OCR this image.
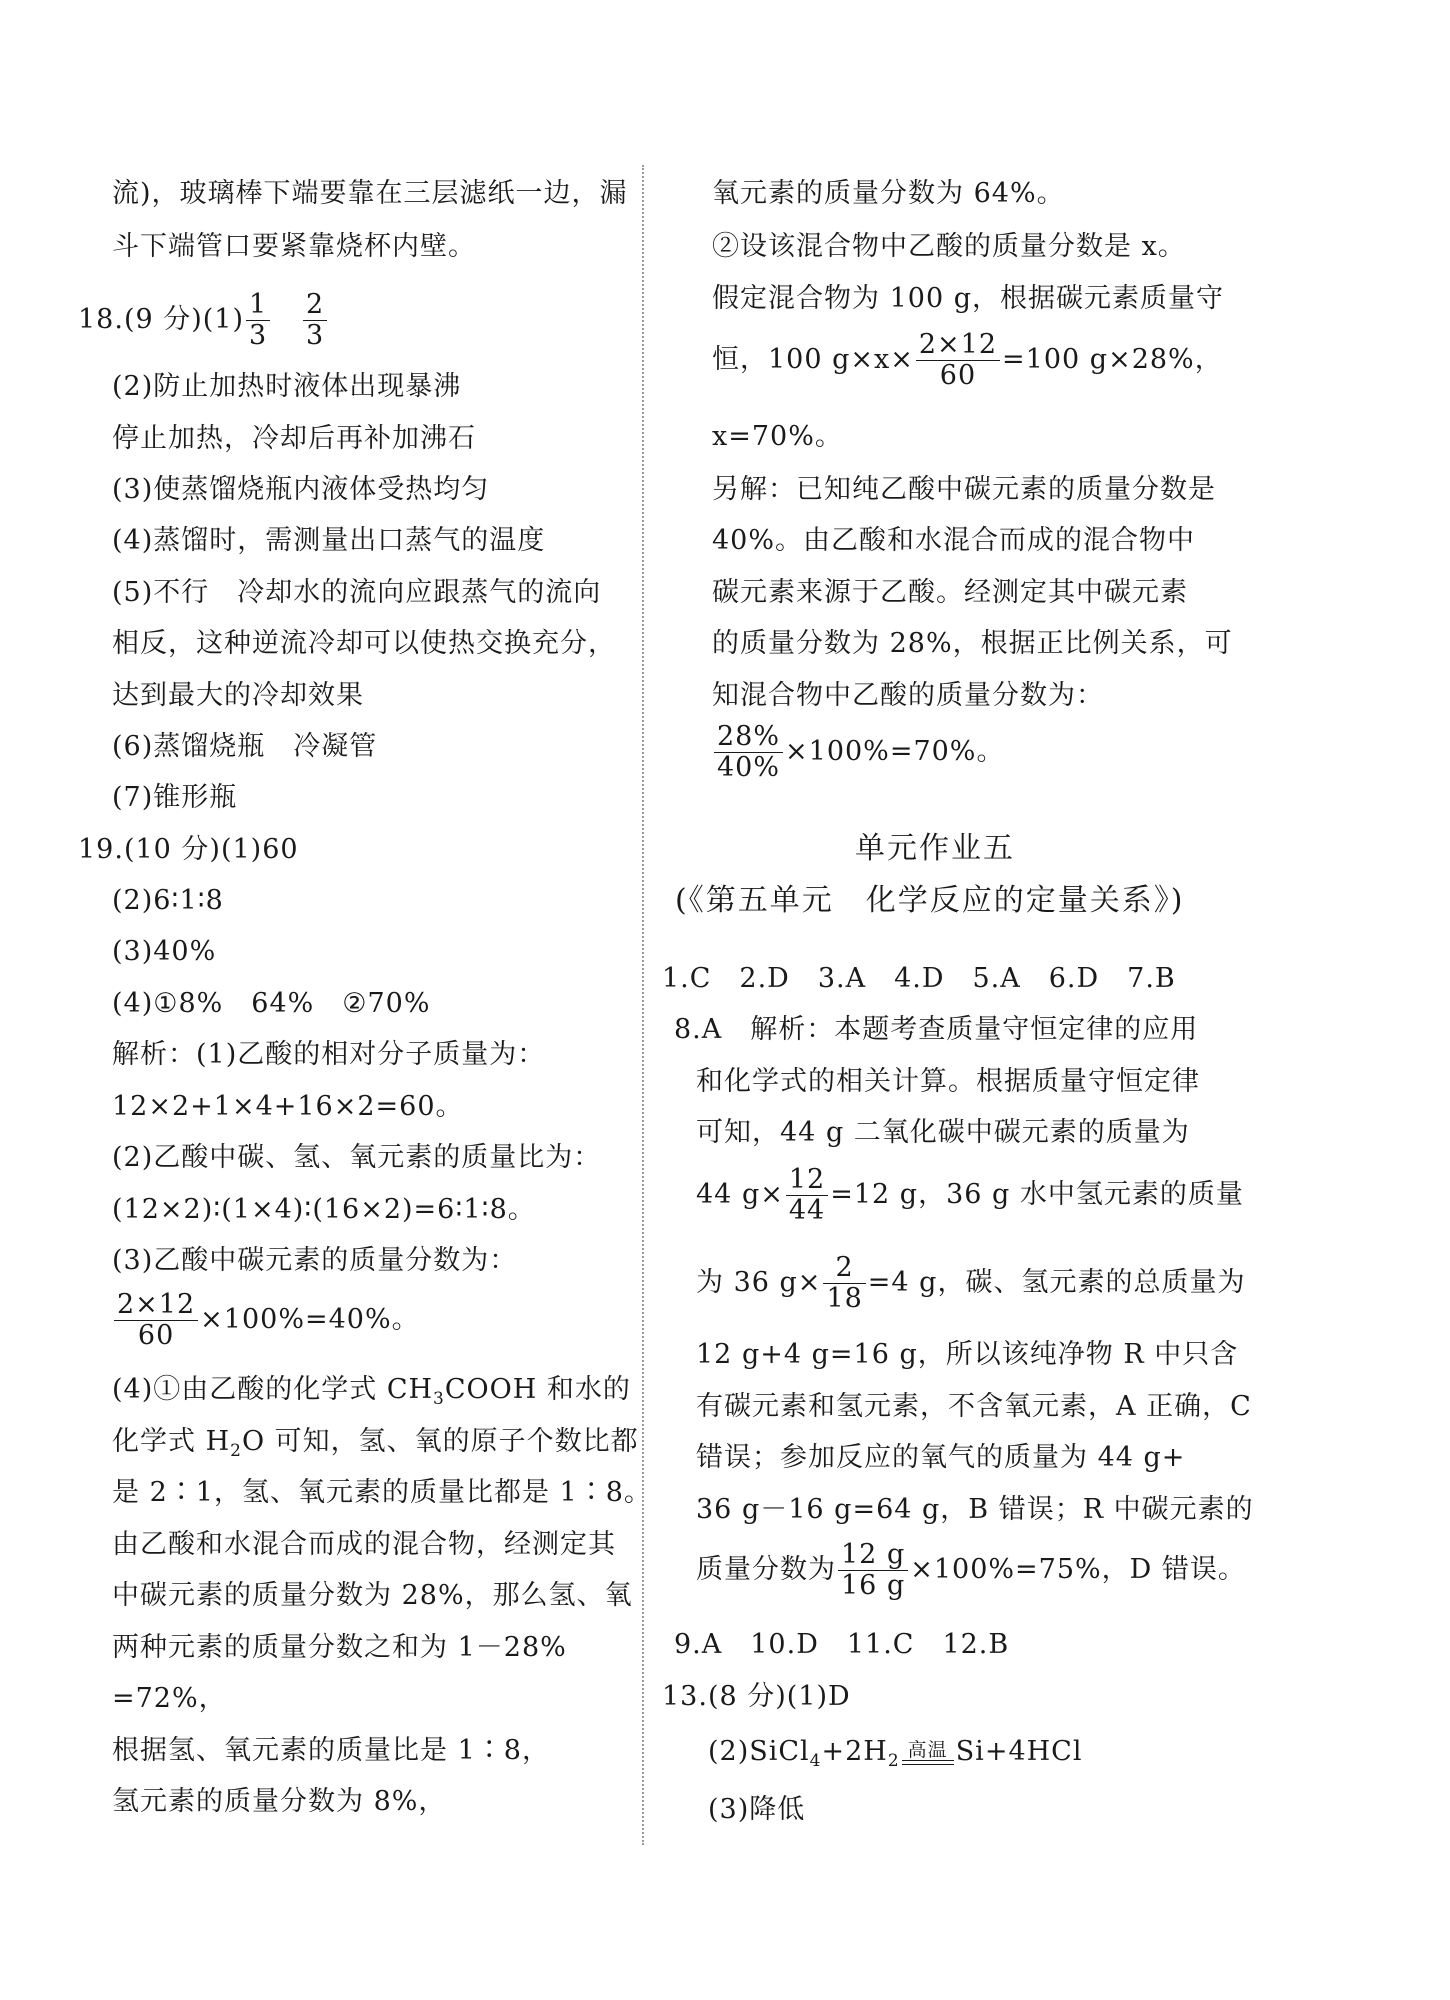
流)，玻璃棒下端要靠在三层滤纸一边，漏
斗下端管口要紧靠烧杯内壁。
18.(9 分)$(1) \frac{1}{3}$
$\frac{2}{3}$
(2)防止加热时液体出现暴沸
停止加热，冷却后再补加沸石
(3)使蒸馏烧瓶内液体受热均匀
(4)蒸馏时，需测量出口蒸气的温度
(5)不行　冷却水的流向应跟蒸气的流向
相反，这种逆流冷却可以使热交换充分，
达到最大的冷却效果
(6)蒸馏烧瓶　冷凝管
(7)锥形瓶
19.(10 分)(1)60
(2)6∶1∶8
(3)40%
(4)①8%　64%　②70%
解析：(1)乙酸的相对分子质量为：
12×2+1×4+16×2=60。
(2)乙酸中碳、氢、氧元素的质量比为：
(12×2)∶(1×4)∶(16×2)=6∶1∶8。
(3)乙酸中碳元素的质量分数为：
$\frac{2\times 12}{60} \times 100\%=40\%$。
(4)①由乙酸的化学式 $CH_3COOH$ 和水的
化学式 $H_2O$ 可知，氢、氧的原子个数比都
是 2∶1，氢、氧元素的质量比都是 1∶8。
由乙酸和水混合而成的混合物，经测定其
中碳元素的质量分数为 28%，那么氢、氧
两种元素的质量分数之和为 1－28%
=72%，
根据氢、氧元素的质量比是 1∶8，
氢元素的质量分数为 8%，
氧元素的质量分数为 64%。
②设该混合物中乙酸的质量分数是 x。
假定混合物为 100 g，根据碳元素质量守
恒，100 $g\times x\times \frac{2\times 12}{60} =100$ g×28%，
x=70%。
另解：已知纯乙酸中碳元素的质量分数是
40%。由乙酸和水混合而成的混合物中
碳元素来源于乙酸。经测定其中碳元素
的质量分数为 28%，根据正比例关系，可
知混合物中乙酸的质量分数为：
$\frac{28\%}{40\%} \times 100\%=70\%$。
单元作业五
(《第五单元　化学反应的定量关系》)
1.C　2.D　3.A　4.D　5.A　6.D　7.B
8.A　解析：本题考查质量守恒定律的应用
和化学式的相关计算。根据质量守恒定律
可知，44 g 二氧化碳中碳元素的质量为
44 $g\times \frac{12}{44} =12$ g，36 g 水中氢元素的质量
为 36 $g\times \frac{2}{18} =4$ g，碳、氢元素的总质量为
12 g+4 g=16 g，所以该纯净物 R 中只含
有碳元素和氢元素，不含氧元素，A 正确，C
错误；参加反应的氧气的质量为 44 g+
36 g－16 g=64 g，B 错误；R 中碳元素的
质量分数为 $\frac{12 g}{16 g} \times 100\%=75\%$，D 错误。
9.A　10.D　11.C　12.B
13.(8 分)(1)D
$(2)SiCl_4+2H_2$ 高温 Si+4HCl
(3)降低
